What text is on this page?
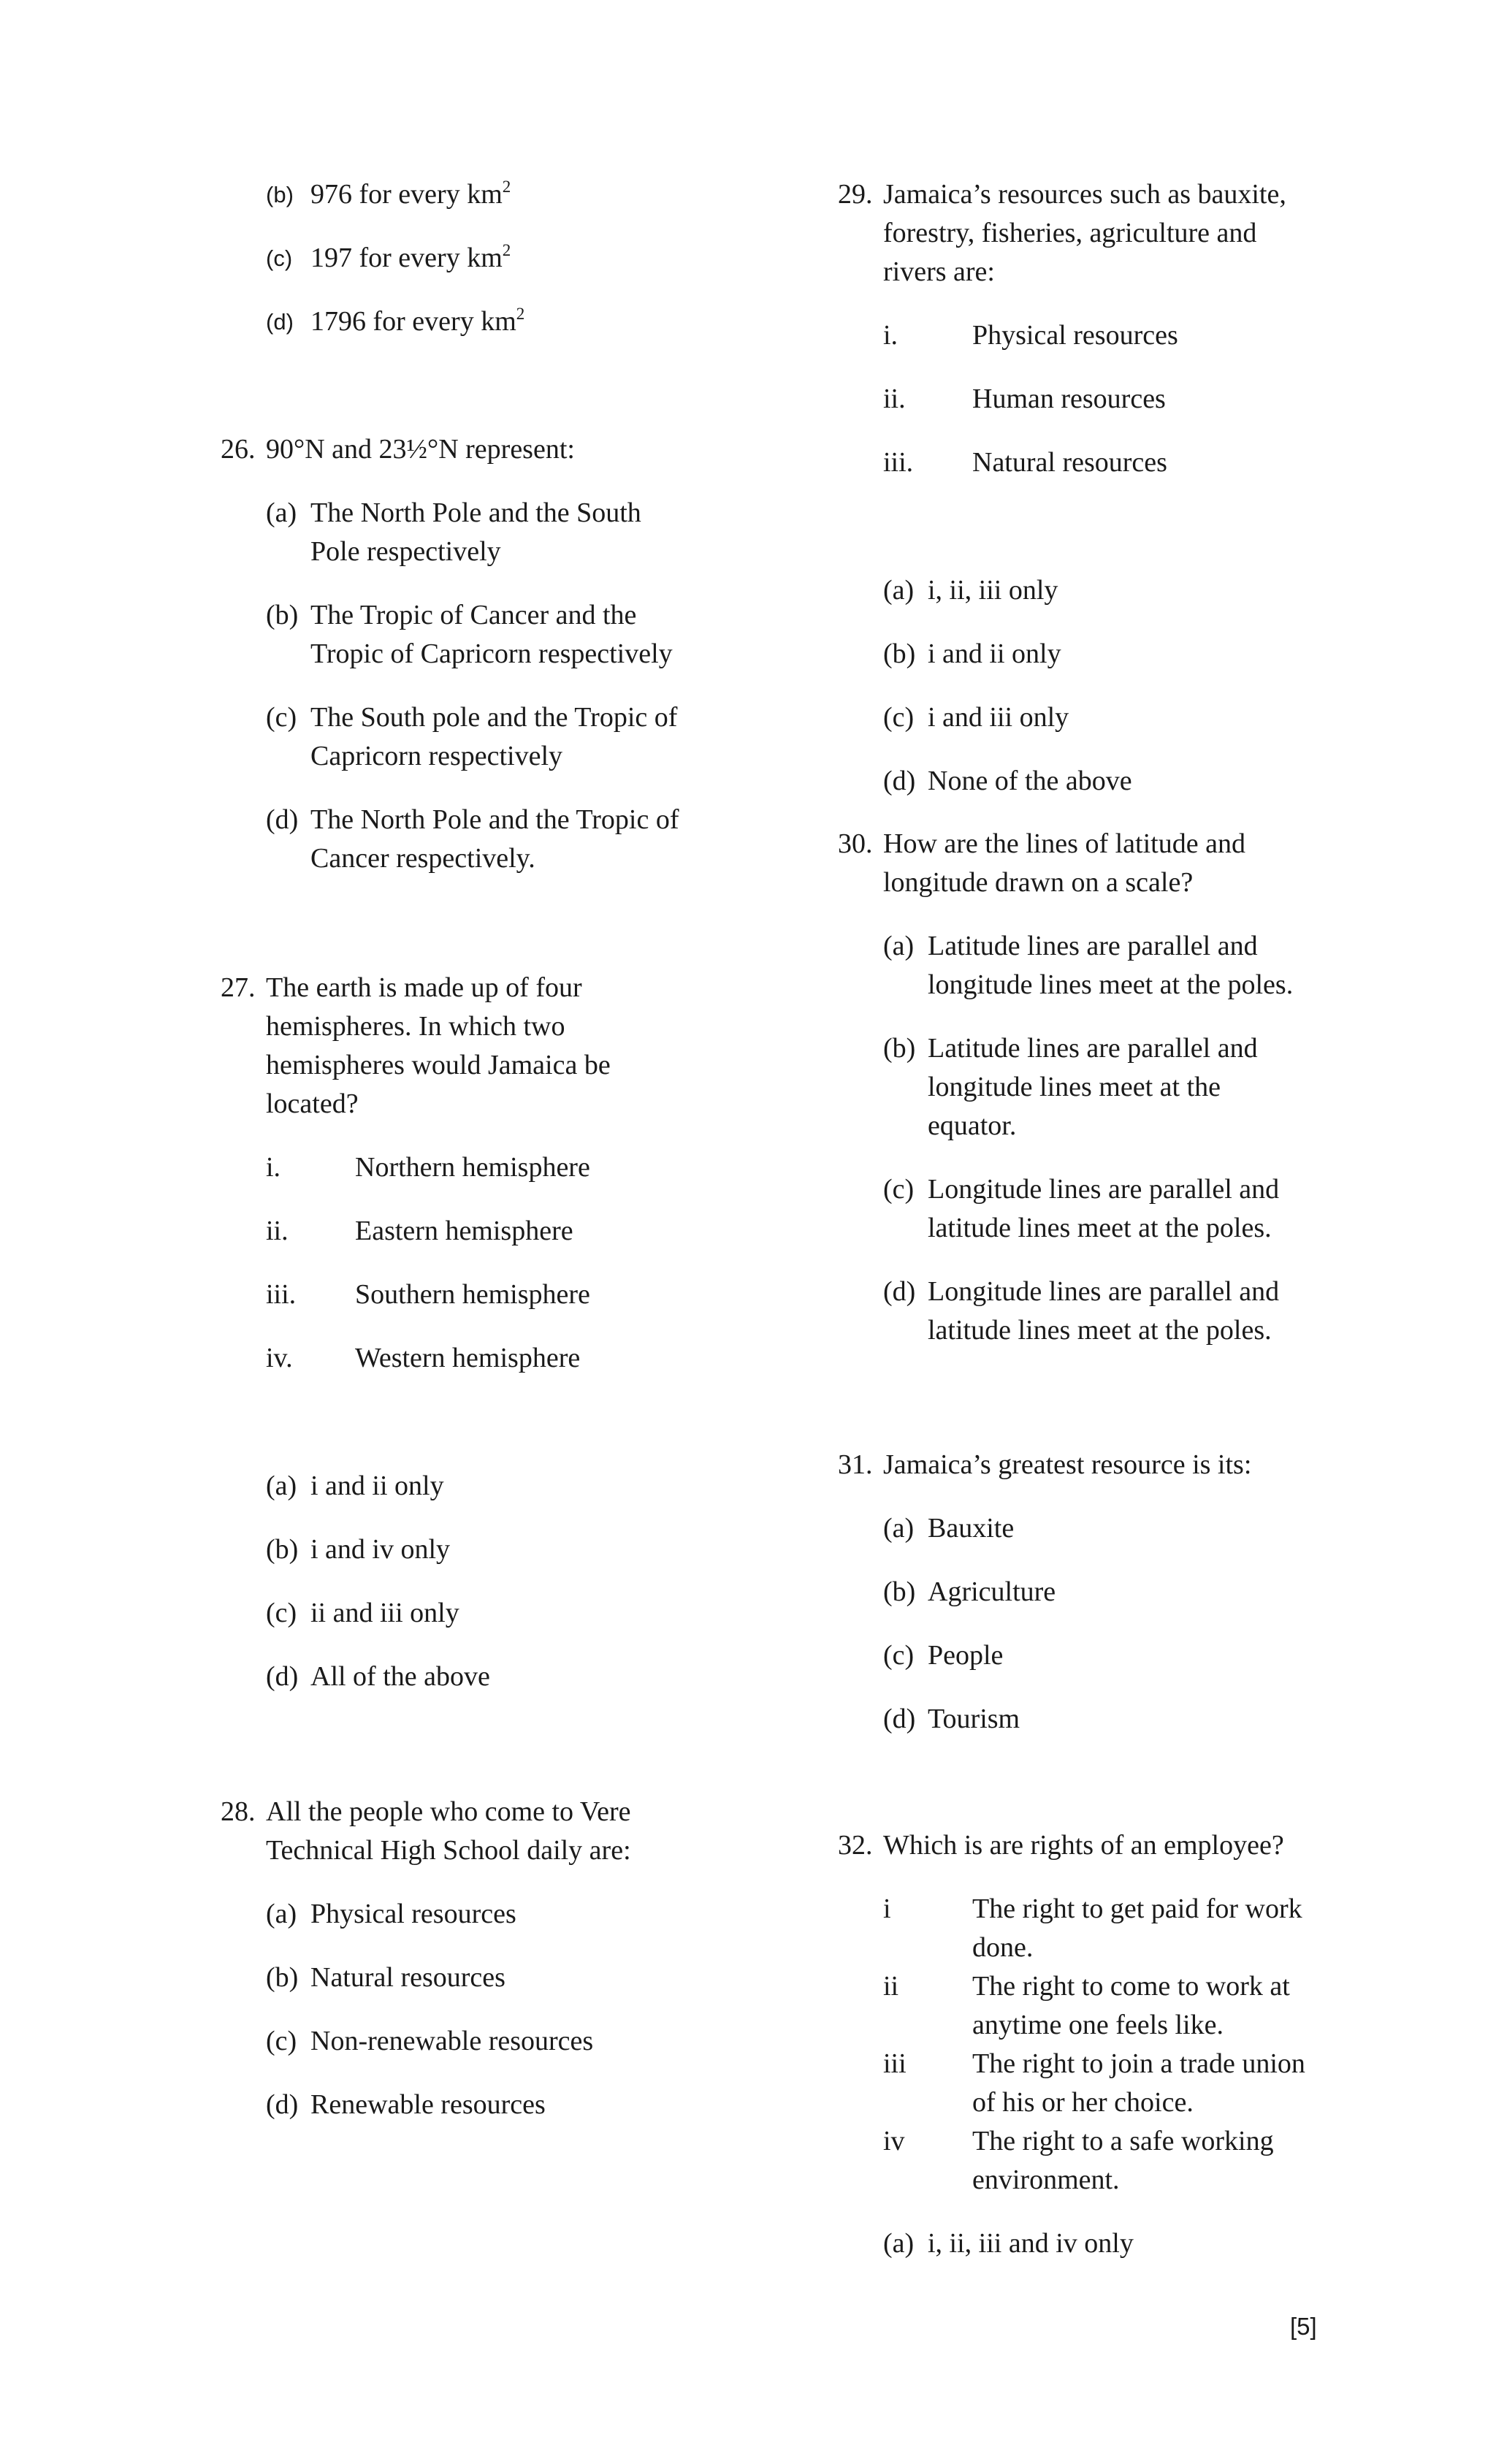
(b) 976 for every $km^2$
(c) 197 for every $km^2$
(d) 1796 for every $km^2$
26. 90°N and 23½°N represent:
(a) The North Pole and the South
Pole respectively
(b) The Tropic of Cancer and the
Tropic of Capricorn respectively
(c) The South pole and the Tropic of
Capricorn respectively
(d) The North Pole and the Tropic of
Cancer respectively.
27. The earth is made up of four
hemispheres. In which two
hemispheres would Jamaica be
located?
i.	Northern hemisphere
ii. Eastern hemisphere
iii. Southern hemisphere
iv. Western hemisphere
(a) i and ii only
(b) i and iv only
(c) ii and iii only
(d) All of the above
28. All the people who come to Vere
Technical High School daily are:
(a) Physical resources
(b) Natural resources
(c) Non-renewable resources
(d) Renewable resources
29. Jamaica’s resources such as bauxite,
forestry, fisheries, agriculture and
rivers are:
i.	Physical resources
ii. Human resources
iii. Natural resources
(a) i, ii, iii only
(b) i and ii only
(c) i and iii only
(d) None of the above
30. How are the lines of latitude and
longitude drawn on a scale?
(a) Latitude lines are parallel and
longitude lines meet at the poles.
(b) Latitude lines are parallel and
longitude lines meet at the
equator.
(c) Longitude lines are parallel and
latitude lines meet at the poles.
(d) Longitude lines are parallel and
latitude lines meet at the poles.
31. Jamaica’s greatest resource is its:
(a) Bauxite
(b) Agriculture
(c) People
(d) Tourism
32. Which is are rights of an employee?
i	The right to get paid for work
done.
ii	The right to come to work at
anytime one feels like.
iii The right to join a trade union
of his or her choice.
iv The right to a safe working
environment.
(a) i, ii, iii and iv only
[5]
